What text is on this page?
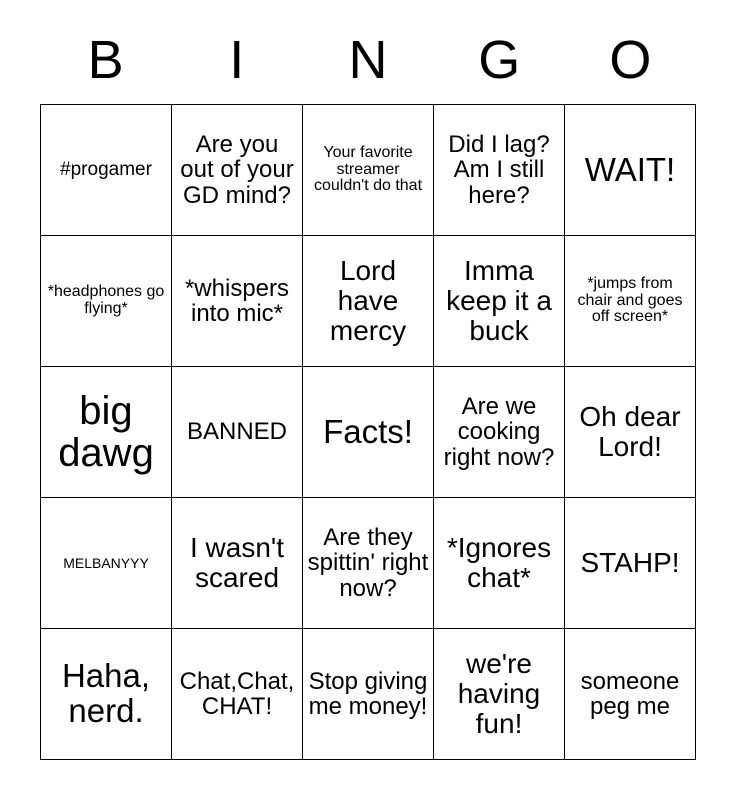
B	I	N	G	O
#progamer	Are you out of your GD mind?	Your favorite streamer couldn't do that	Did I lag? Am I still here?	WAIT!
*headphones go flying*	*whispers into mic*	Lord have mercy	Imma keep it a buck	*jumps from chair and goes off screen*
big dawg	BANNED	Facts!	Are we cooking right now?	Oh dear Lord!
MELBANYYY	I wasn't scared	Are they spittin' right now?	*Ignores chat*	STAHP!
Haha, nerd.	Chat,Chat, CHAT!	Stop giving me money!	we're having fun!	someone peg me
